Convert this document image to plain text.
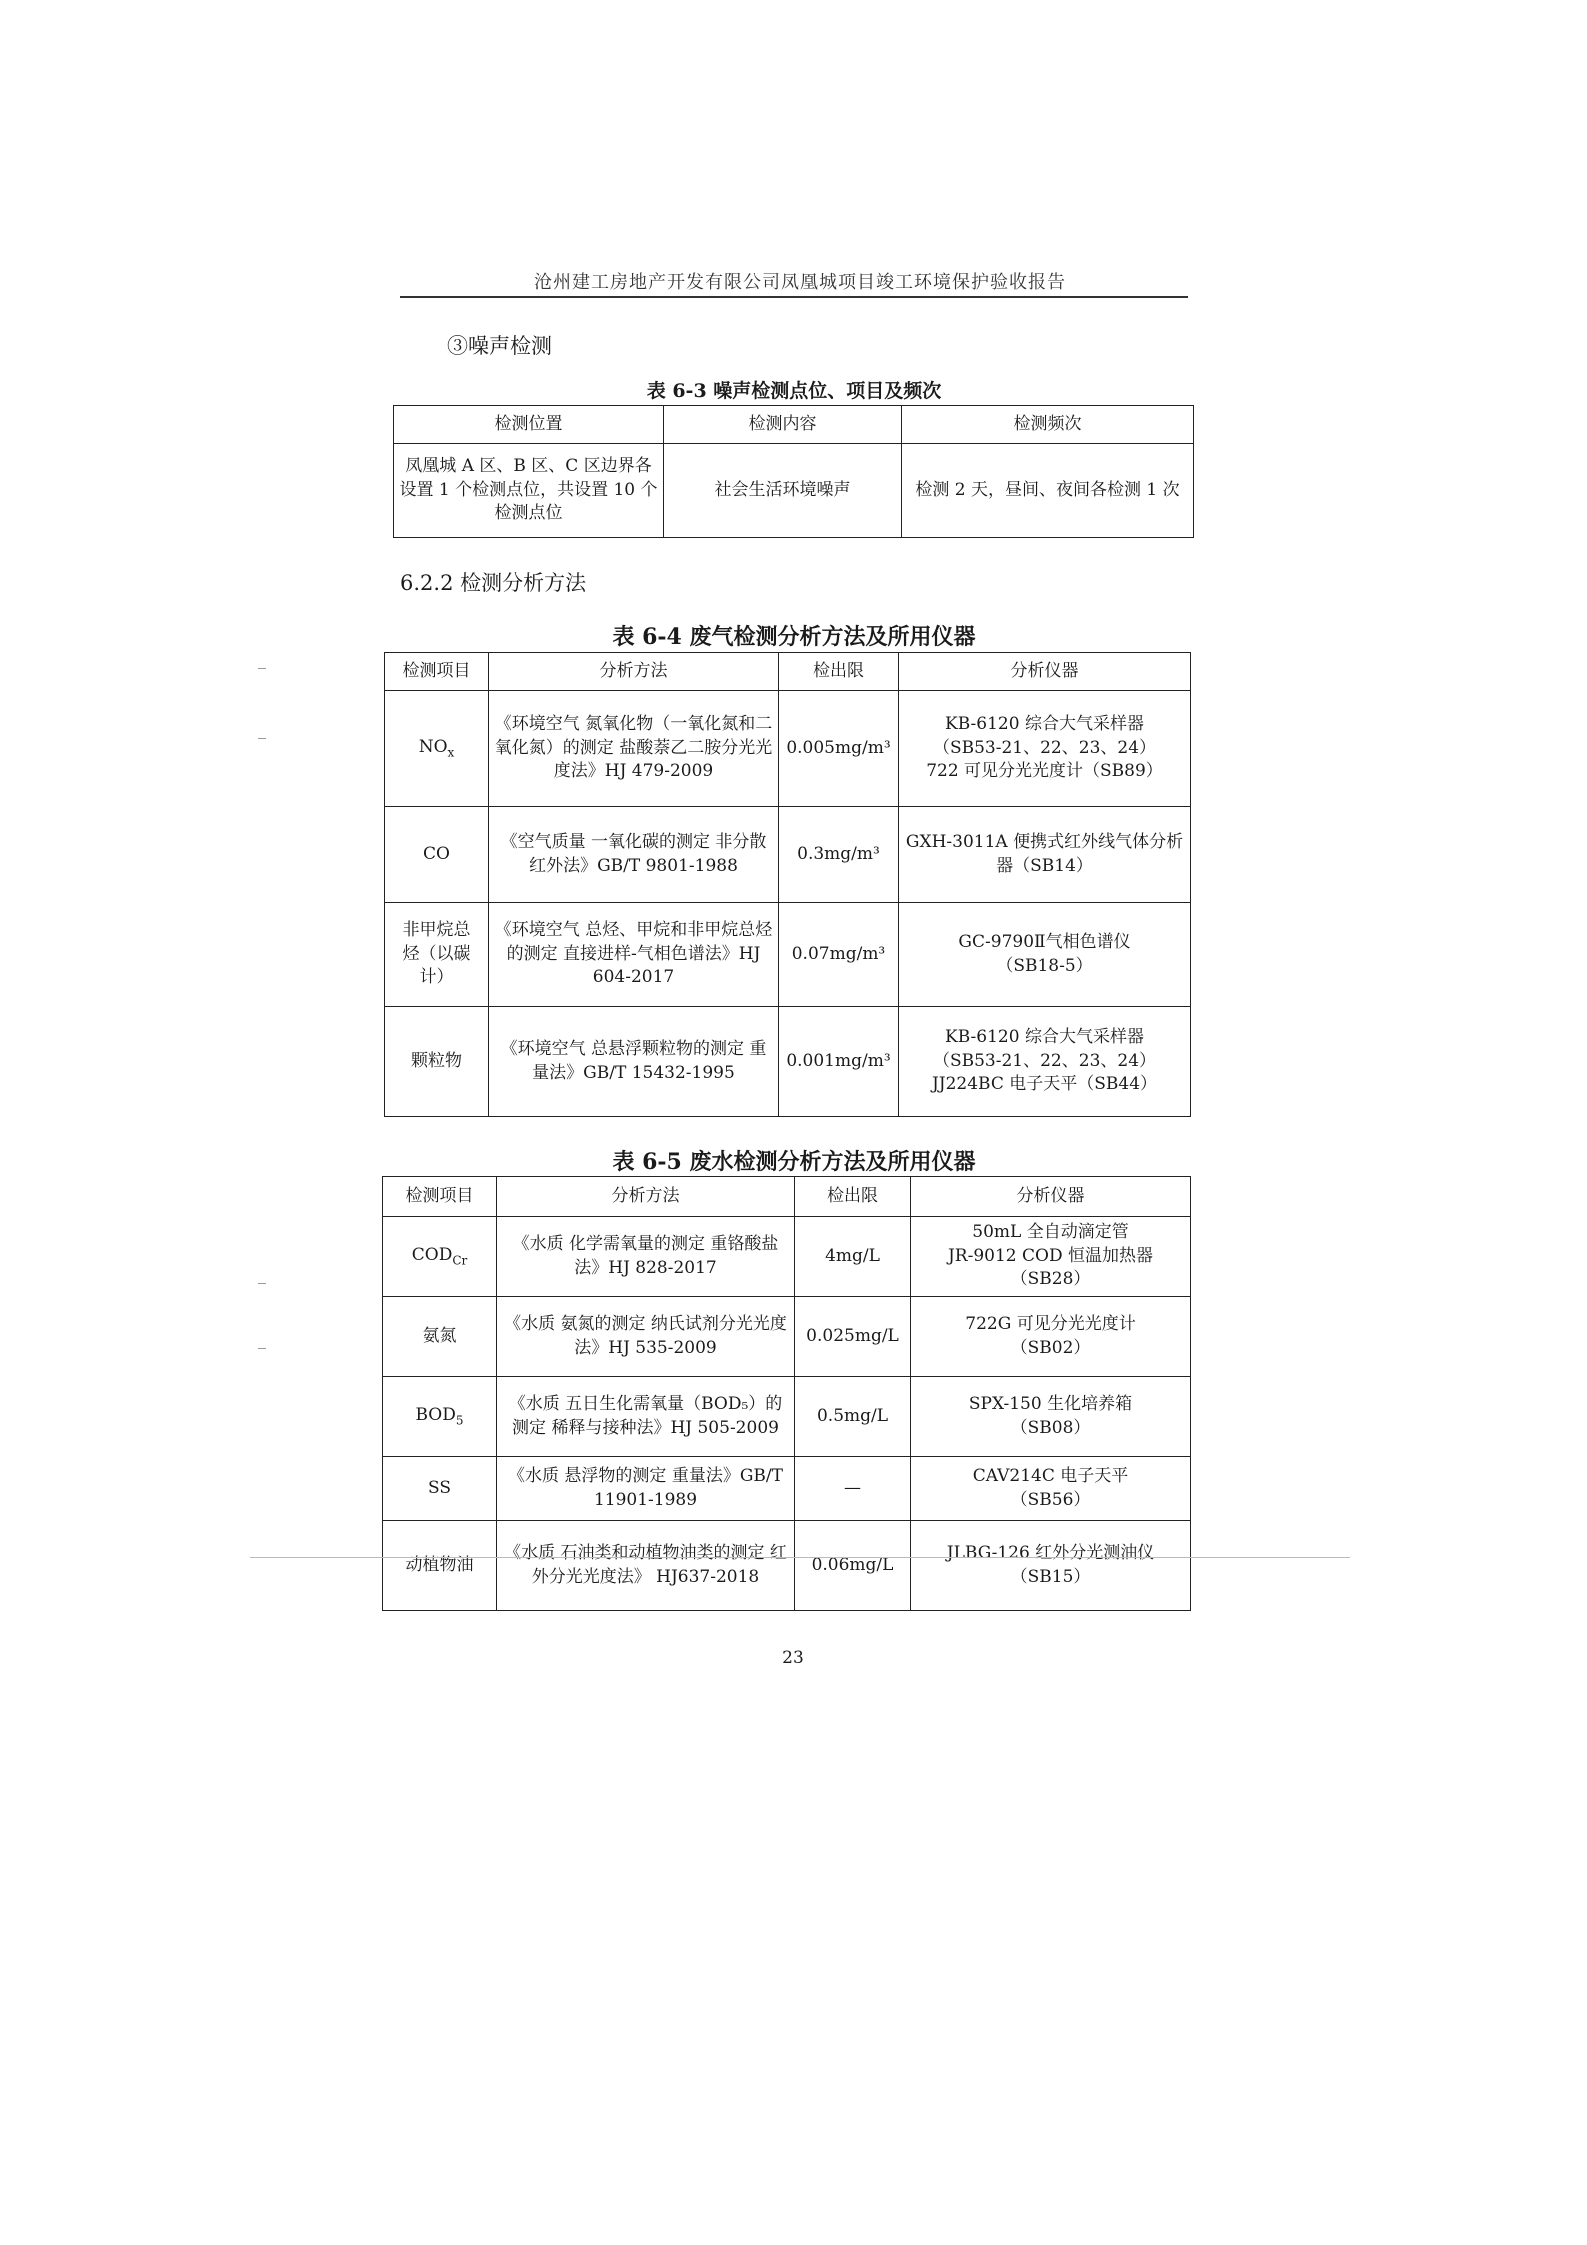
沧州建工房地产开发有限公司凤凰城项目竣工环境保护验收报告
③噪声检测
表 6-3 噪声检测点位、项目及频次
检测位置	检测内容	检测频次
凤凰城 A 区、B 区、C 区边界各设置 1 个检测点位，共设置 10 个检测点位	社会生活环境噪声	检测 2 天，昼间、夜间各检测 1 次
6.2.2 检测分析方法
表 6-4 废气检测分析方法及所用仪器
检测项目	分析方法	检出限	分析仪器
$NO_x$	《环境空气 氮氧化物（一氧化氮和二氧化氮）的测定 盐酸萘乙二胺分光光度法》HJ 479-2009	0.005mg/m³	KB-6120 综合大气采样器
（SB53-21、22、23、24）
722 可见分光光度计（SB89）

CO	《空气质量 一氧化碳的测定 非分散红外法》GB/T 9801-1988	0.3mg/m³	GXH-3011A 便携式红外线气体分析器（SB14）

非甲烷总烃（以碳计）	《环境空气 总烃、甲烷和非甲烷总烃的测定 直接进样-气相色谱法》HJ 604-2017	0.07mg/m³	GC-9790Ⅱ气相色谱仪
（SB18-5）

颗粒物	《环境空气 总悬浮颗粒物的测定 重量法》GB/T 15432-1995	0.001mg/m³	KB-6120 综合大气采样器
（SB53-21、22、23、24）
JJ224BC 电子天平（SB44）
表 6-5 废水检测分析方法及所用仪器
检测项目	分析方法	检出限	分析仪器
$COD_{Cr}$	《水质 化学需氧量的测定 重铬酸盐法》HJ 828-2017	4mg/L	50mL 全自动滴定管
JR-9012 COD 恒温加热器
（SB28）

氨氮	《水质 氨氮的测定 纳氏试剂分光光度法》HJ 535-2009	0.025mg/L	722G 可见分光光度计
（SB02）

$BOD_5$	《水质 五日生化需氧量（BOD₅）的测定 稀释与接种法》HJ 505-2009	0.5mg/L	SPX-150 生化培养箱
（SB08）

SS	《水质 悬浮物的测定 重量法》GB/T 11901-1989	—	CAV214C 电子天平
（SB56）

动植物油	《水质 石油类和动植物油类的测定 红外分光光度法》 HJ637-2018	0.06mg/L	JLBG-126 红外分光测油仪
（SB15）
23
